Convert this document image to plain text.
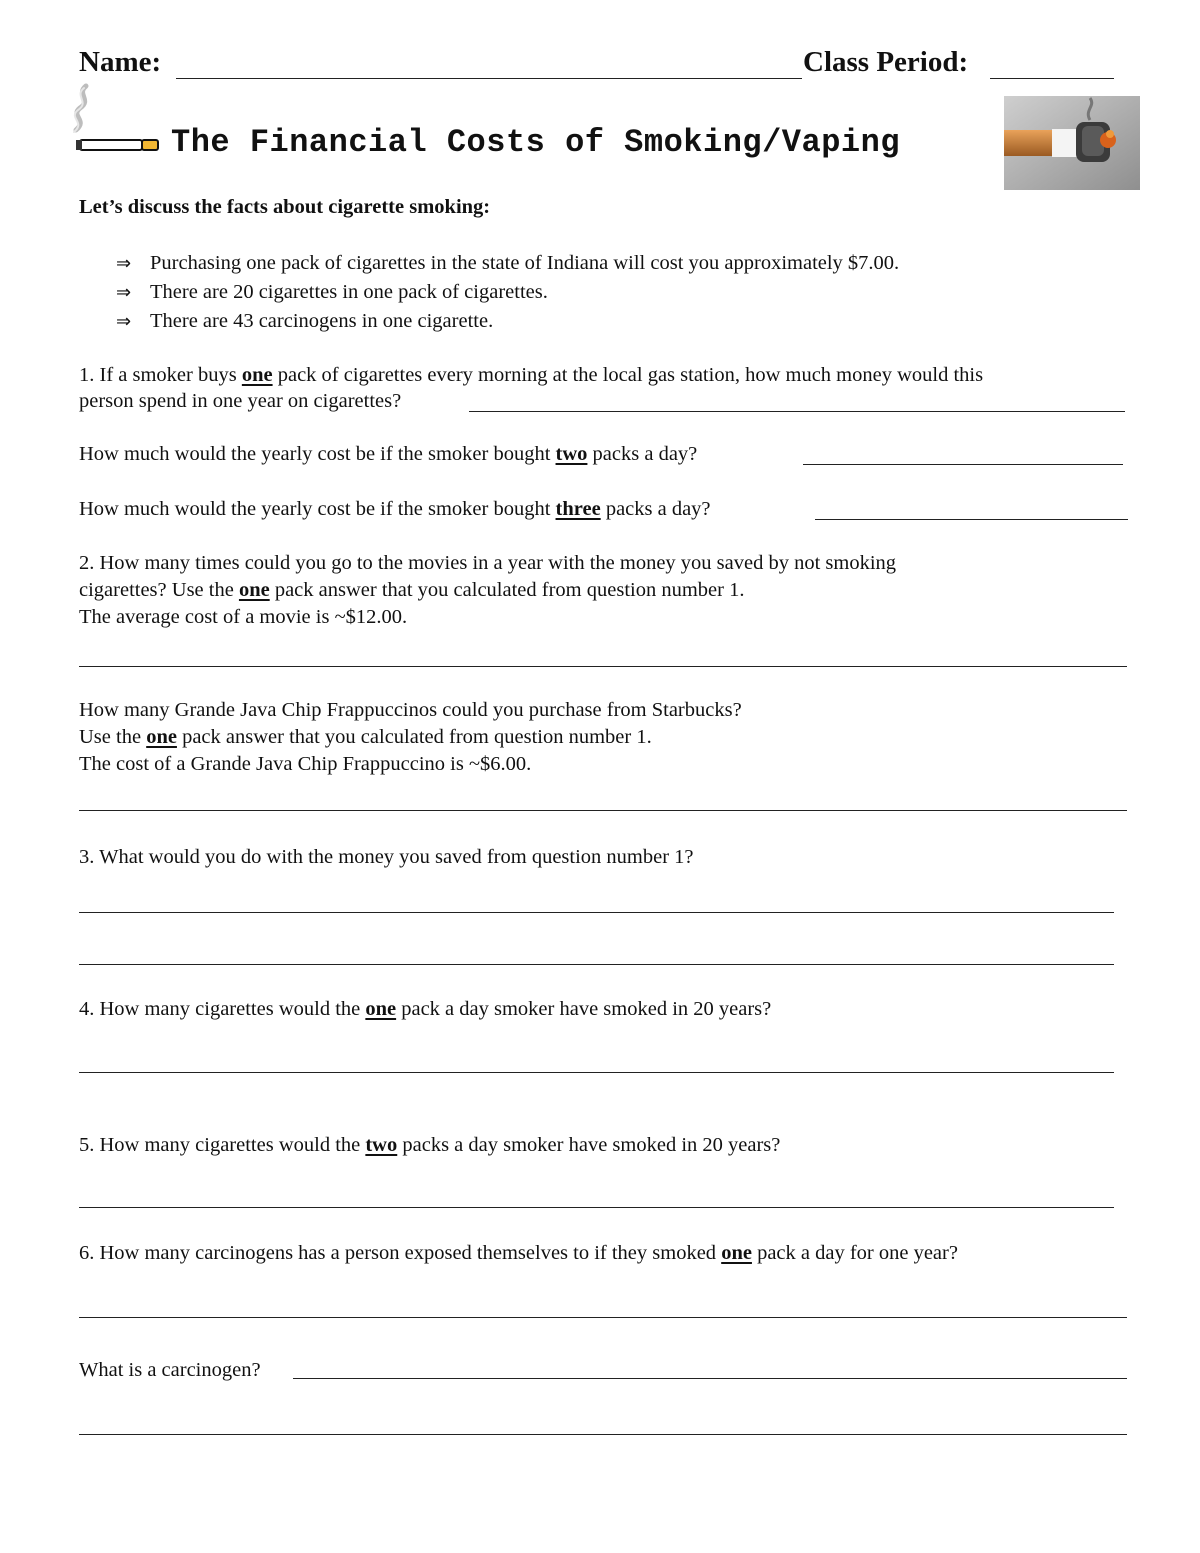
Name:	Class Period:
The Financial Costs of Smoking/Vaping
Let’s discuss the facts about cigarette smoking:
⇒ Purchasing one pack of cigarettes in the state of Indiana will cost you approximately $7.00.
⇒ There are 20 cigarettes in one pack of cigarettes.
⇒ There are 43 carcinogens in one cigarette.
1. If a smoker buys one pack of cigarettes every morning at the local gas station, how much money would this
person spend in one year on cigarettes?
How much would the yearly cost be if the smoker bought two packs a day?
How much would the yearly cost be if the smoker bought three packs a day?
2. How many times could you go to the movies in a year with the money you saved by not smoking
cigarettes? Use the one pack answer that you calculated from question number 1.
The average cost of a movie is ~$12.00.
How many Grande Java Chip Frappuccinos could you purchase from Starbucks?
Use the one pack answer that you calculated from question number 1.
The cost of a Grande Java Chip Frappuccino is ~$6.00.
3. What would you do with the money you saved from question number 1?
4. How many cigarettes would the one pack a day smoker have smoked in 20 years?
5. How many cigarettes would the two packs a day smoker have smoked in 20 years?
6. How many carcinogens has a person exposed themselves to if they smoked one pack a day for one year?
What is a carcinogen?
